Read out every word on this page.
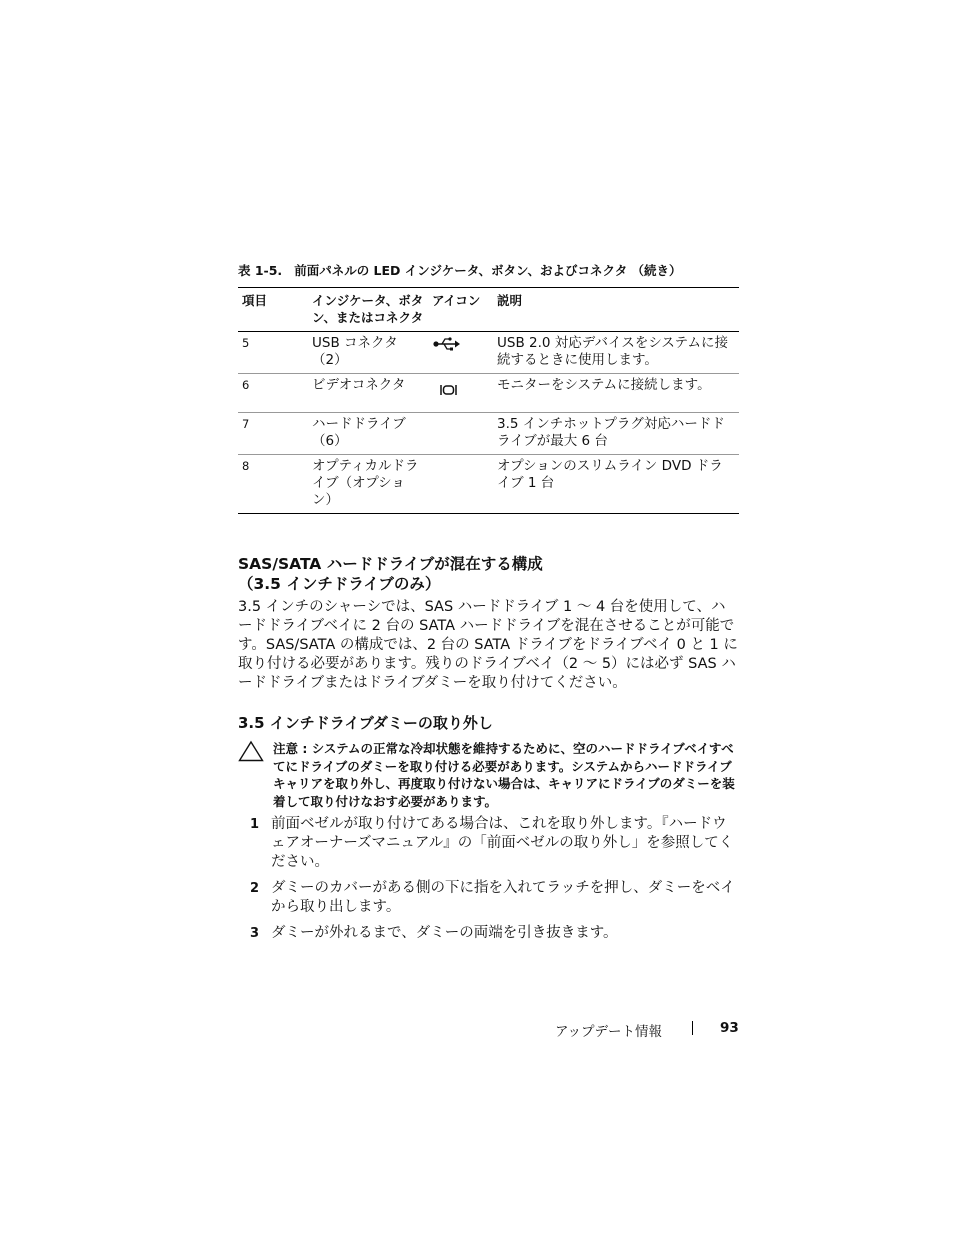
表 1-5. 前面パネルの LED インジケータ、ボタン、およびコネクタ （続き）
項目	インジケータ、ボタン、またはコネクタ	アイコン	説明
5	USB コネクタ（2）		USB 2.0 対応デバイスをシステムに接続するときに使用します。
6	ビデオコネクタ		モニターをシステムに接続します。
7	ハードドライブ（6）		3.5 インチホットプラグ対応ハードドライブが最大 6 台
8	オプティカルドライブ（オプション）		オプションのスリムライン DVD ドライブ 1 台
SAS/SATA ハードドライブが混在する構成
（3.5 インチドライブのみ）
3.5 インチのシャーシでは、SAS ハードドライブ 1 〜 4 台を使用して、ハードドライブベイに 2 台の SATA ハードドライブを混在させることが可能です。SAS/SATA の構成では、2 台の SATA ドライブをドライブベイ 0 と 1 に取り付ける必要があります。残りのドライブベイ（2 〜 5）には必ず SAS ハードドライブまたはドライブダミーを取り付けてください。
3.5 インチドライブダミーの取り外し
注意 : システムの正常な冷却状態を維持するために、空のハードドライブベイすべてにドライブのダミーを取り付ける必要があります。システムからハードドライブキャリアを取り外し、再度取り付けない場合は、キャリアにドライブのダミーを装着して取り付けなおす必要があります。
1 前面ベゼルが取り付けてある場合は、これを取り外します。『ハードウェアオーナーズマニュアル』の「前面ベゼルの取り外し」を参照してください。
2 ダミーのカバーがある側の下に指を入れてラッチを押し、ダミーをベイから取り出します。
3 ダミーが外れるまで、ダミーの両端を引き抜きます。
アップデート情報	93
